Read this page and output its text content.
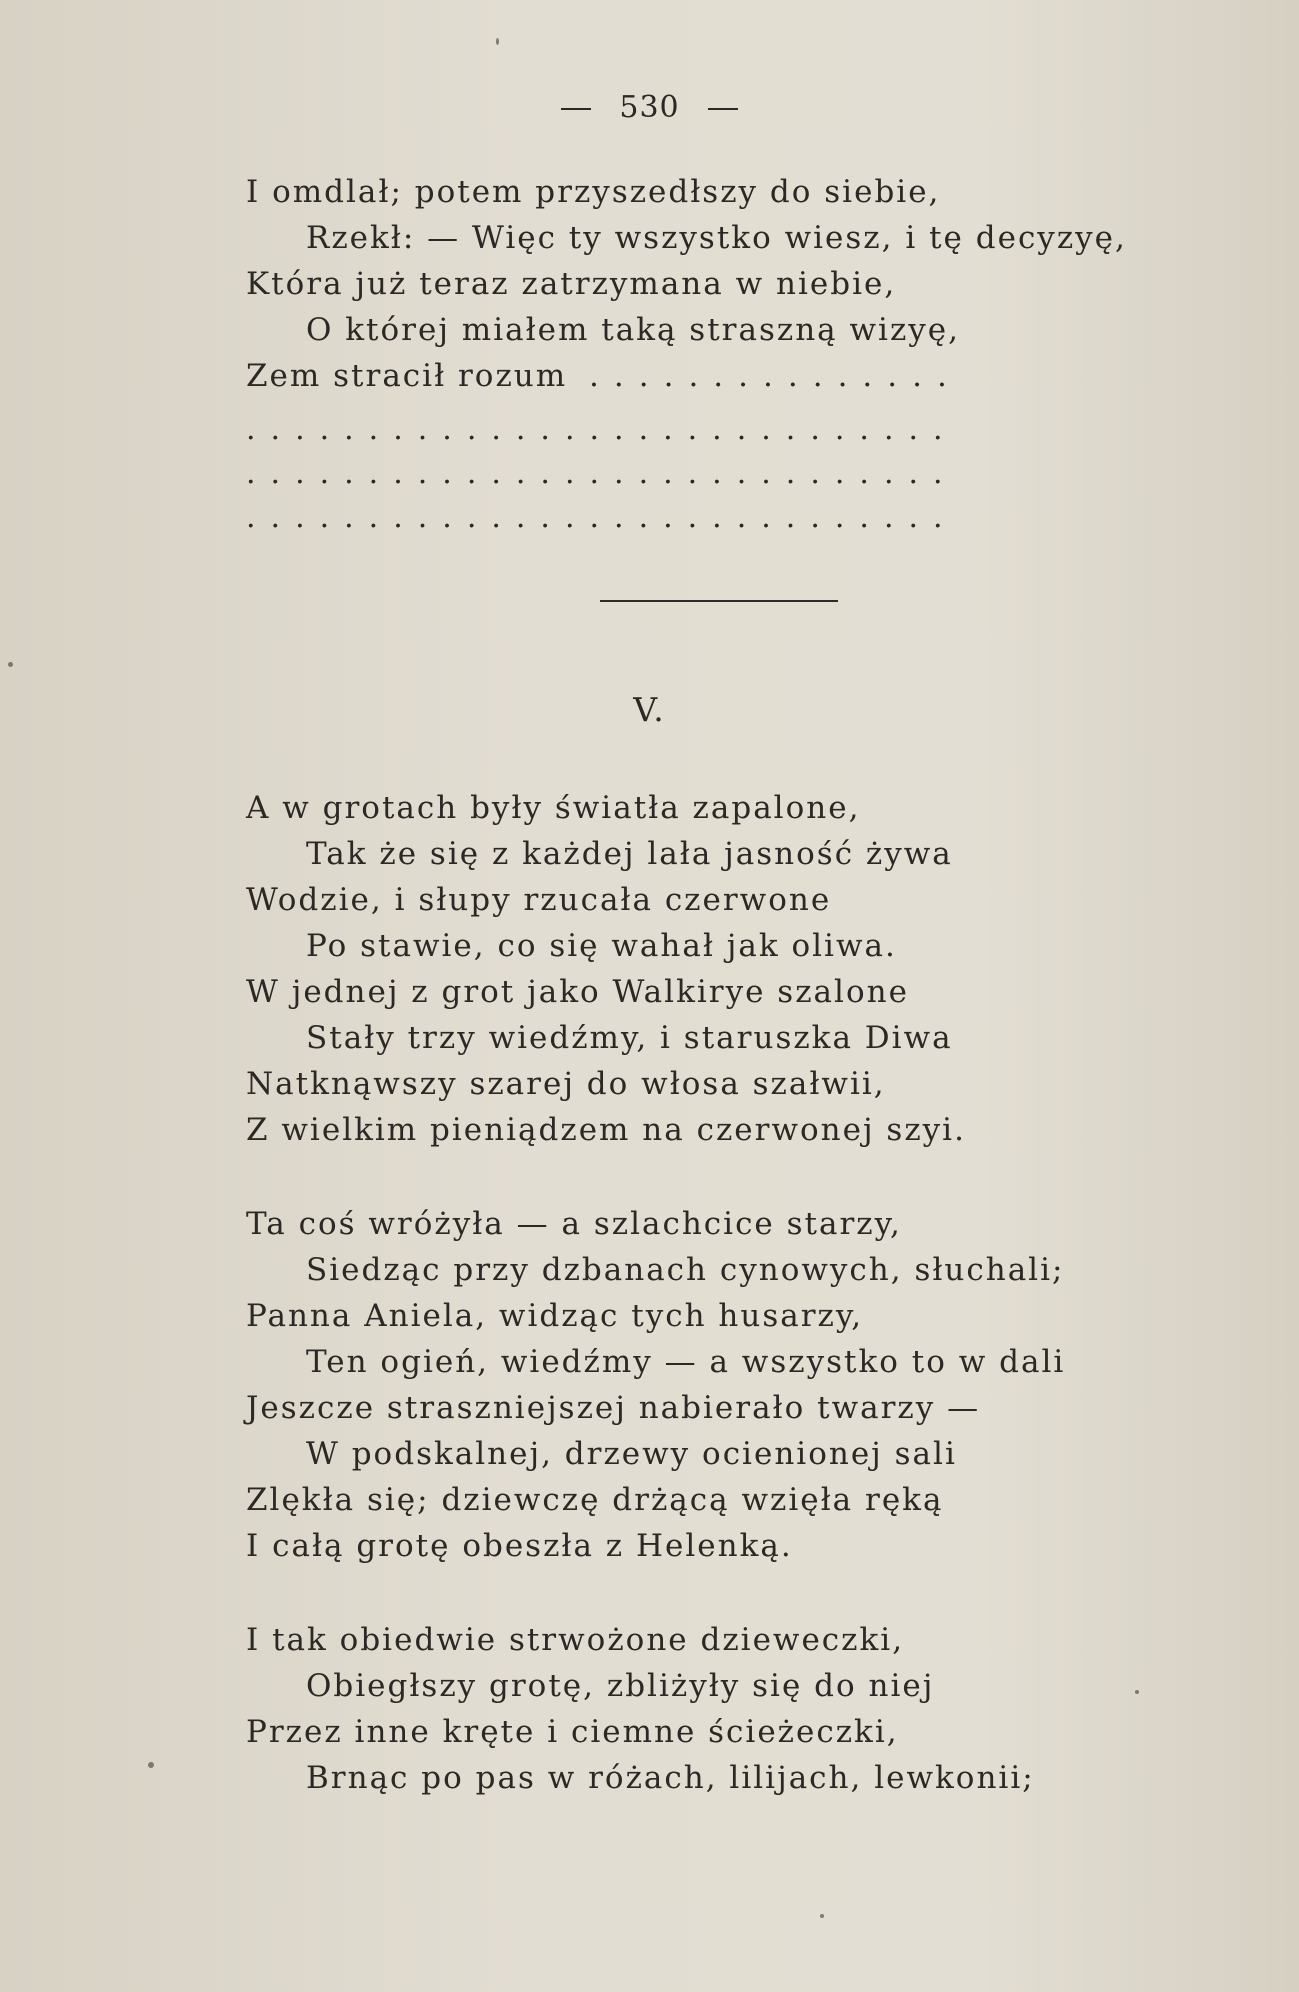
530
I omdlał; potem przyszedłszy do siebie,
Rzekł: — Więc ty wszystko wiesz, i tę decyzyę,
Która już teraz zatrzymana w niebie,
O której miałem taką straszną wizyę,
Zem stracił rozum ...............
.............................
.............................
.............................
V.
A w grotach były światła zapalone,
Tak że się z każdej lała jasność żywa
Wodzie, i słupy rzucała czerwone
Po stawie, co się wahał jak oliwa.
W jednej z grot jako Walkirye szalone
Stały trzy wiedźmy, i staruszka Diwa
Natknąwszy szarej do włosa szałwii,
Z wielkim pieniądzem na czerwonej szyi.
Ta coś wróżyła — a szlachcice starzy,
Siedząc przy dzbanach cynowych, słuchali;
Panna Aniela, widząc tych husarzy,
Ten ogień, wiedźmy — a wszystko to w dali
Jeszcze straszniejszej nabierało twarzy —
W podskalnej, drzewy ocienionej sali
Zlękła się; dziewczę drżącą wzięła ręką
I całą grotę obeszła z Helenką.
I tak obiedwie strwożone dzieweczki,
Obiegłszy grotę, zbliżyły się do niej
Przez inne kręte i ciemne ścieżeczki,
Brnąc po pas w różach, lilijach, lewkonii;
